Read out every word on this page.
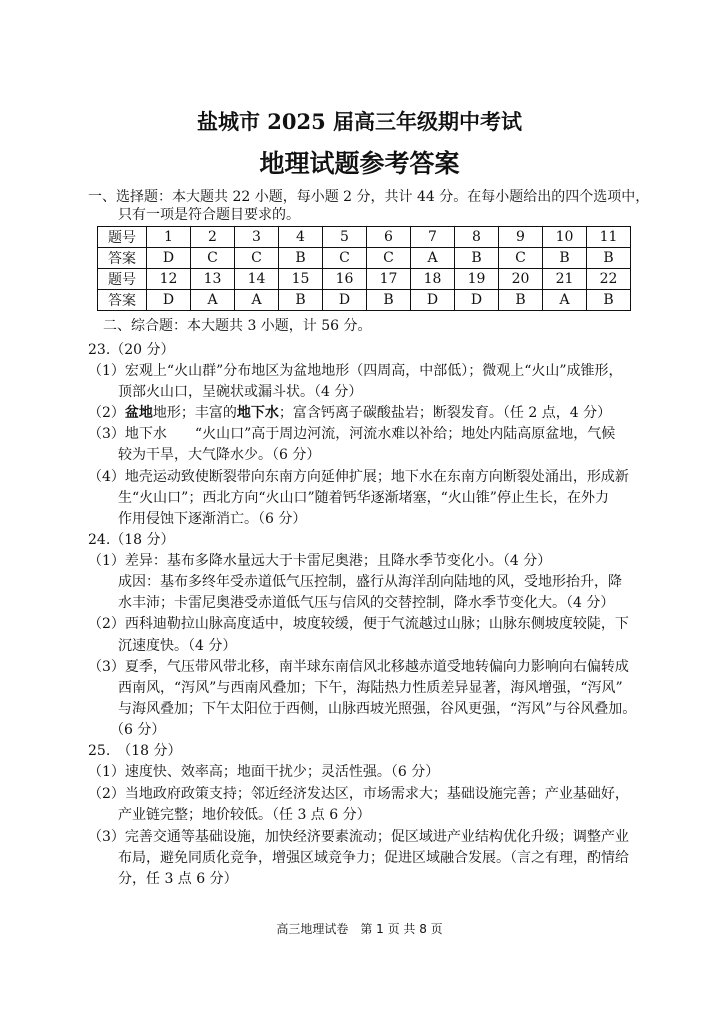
盐城市 2025 届高三年级期中考试
地理试题参考答案
一、选择题：本大题共 22 小题，每小题 2 分，共计 44 分。在每小题给出的四个选项中，
只有一项是符合题目要求的。
题号	1	2	3	4	5	6	7	8	9	10	11
答案	D	C	C	B	C	C	A	B	C	B	B
题号	12	13	14	15	16	17	18	19	20	21	22
答案	D	A	A	B	D	B	D	D	B	A	B
二、综合题：本大题共 3 小题，计 56 分。
23.（20 分）
（1）宏观上“火山群”分布地区为盆地地形（四周高，中部低）；微观上“火山”成锥形，
顶部火山口，呈碗状或漏斗状。（4 分）
（2）盆地地形；丰富的地下水；富含钙离子碳酸盐岩；断裂发育。（任 2 点，4 分）
（3）地下水　　“火山口”高于周边河流，河流水难以补给；地处内陆高原盆地，气候
较为干旱，大气降水少。（6 分）
（4）地壳运动致使断裂带向东南方向延伸扩展；地下水在东南方向断裂处涌出，形成新
生“火山口”；西北方向“火山口”随着钙华逐渐堵塞，“火山锥”停止生长，在外力
作用侵蚀下逐渐消亡。（6 分）
24.（18 分）
（1）差异：基布多降水量远大于卡雷尼奥港；且降水季节变化小。（4 分）
成因：基布多终年受赤道低气压控制，盛行从海洋刮向陆地的风，受地形抬升，降
水丰沛；卡雷尼奥港受赤道低气压与信风的交替控制，降水季节变化大。（4 分）
（2）西科迪勒拉山脉高度适中，坡度较缓，便于气流越过山脉；山脉东侧坡度较陡，下
沉速度快。（4 分）
（3）夏季，气压带风带北移，南半球东南信风北移越赤道受地转偏向力影响向右偏转成
西南风，“泻风”与西南风叠加；下午，海陆热力性质差异显著，海风增强，“泻风”
与海风叠加；下午太阳位于西侧，山脉西坡光照强，谷风更强，“泻风”与谷风叠加。
（6 分）
25.　（18 分）
（1）速度快、效率高；地面干扰少；灵活性强。（6 分）
（2）当地政府政策支持；邻近经济发达区，市场需求大；基础设施完善；产业基础好，
产业链完整；地价较低。（任 3 点 6 分）
（3）完善交通等基础设施，加快经济要素流动；促区域进产业结构优化升级；调整产业
布局，避免同质化竞争，增强区域竞争力；促进区域融合发展。（言之有理，酌情给
分，任 3 点 6 分）
高三地理试卷　第 1 页 共 8 页
